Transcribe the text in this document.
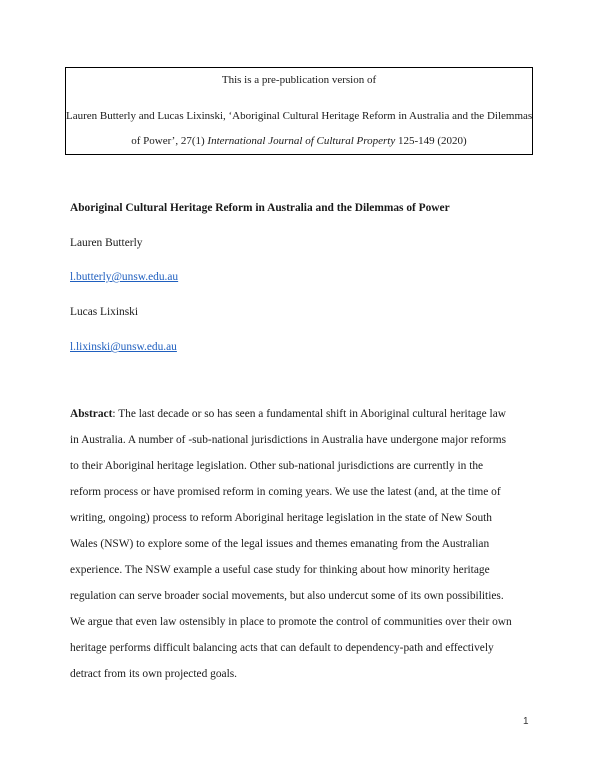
This is a pre-publication version of
Lauren Butterly and Lucas Lixinski, ‘Aboriginal Cultural Heritage Reform in Australia and the Dilemmas
of Power’, 27(1) International Journal of Cultural Property 125-149 (2020)
Aboriginal Cultural Heritage Reform in Australia and the Dilemmas of Power
Lauren Butterly
l.butterly@unsw.edu.au
Lucas Lixinski
l.lixinski@unsw.edu.au
Abstract: The last decade or so has seen a fundamental shift in Aboriginal cultural heritage law
in Australia. A number of -sub-national jurisdictions in Australia have undergone major reforms
to their Aboriginal heritage legislation. Other sub-national jurisdictions are currently in the
reform process or have promised reform in coming years. We use the latest (and, at the time of
writing, ongoing) process to reform Aboriginal heritage legislation in the state of New South
Wales (NSW) to explore some of the legal issues and themes emanating from the Australian
experience. The NSW example a useful case study for thinking about how minority heritage
regulation can serve broader social movements, but also undercut some of its own possibilities.
We argue that even law ostensibly in place to promote the control of communities over their own
heritage performs difficult balancing acts that can default to dependency-path and effectively
detract from its own projected goals.
1
